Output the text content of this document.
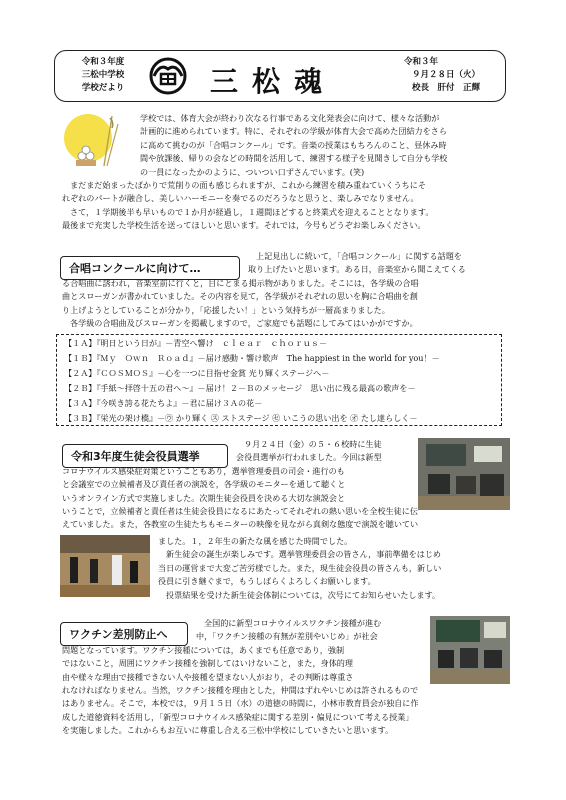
令和３年度
三松中学校
学校だより	三松魂
令和３年
９月２８日（火）
校長　肝付　正輝
学校では、体育大会が終わり次なる行事である文化発表会に向けて、様々な活動が
計画的に進められています。特に、それぞれの学級が体育大会で高めた団結力をさら
に高めて挑むのが「合唱コンクール」です。音楽の授業はもちろんのこと、昼休み時
間や放課後、帰りの会などの時間を活用して、練習する様子を見聞きして自分も学校
の一員になったかのように、ついつい口ずさんでいます。(笑)
まだまだ始まったばかりで荒削りの面も感じられますが、これから練習を積み重ねていくうちにそ
れぞれのパートが融合し、美しいハーモニーを奏でるのだろうなと思うと、楽しみでなりません。
さて，１学期後半も早いもので１か月が経過し，１週間ほどすると終業式を迎えることとなります。
最後まで充実した学校生活を送ってほしいと思います。それでは，今号もどうぞお楽しみください。
合唱コンクールに向けて…
上記見出しに続いて，「合唱コンクール」に関する話題を
取り上げたいと思います。ある日，音楽室から聞こえてくる
る合唱曲に誘われ，音楽室前に行くと，目にとまる掲示物がありました。そこには，各学級の合唱
曲とスローガンが書かれていました。その内容を見て，各学級がそれぞれの思いを胸に合唱曲を創
り上げようとしていることが分かり，「応援したい！」という気持ちが一層高まりました。
各学級の合唱曲及びスローガンを掲載しますので，ご家庭でも話題にしてみてはいかがですか。
【１Ａ】『明日という日が』－青空へ響け　ｃｌｅａｒ　ｃｈｏｒｕｓ－
【１Ｂ】『Ｍｙ　Ｏｗｎ　Ｒｏａｄ』－届け感動・響け歌声　The happiest in the world for you！－
【２Ａ】『ＣＯＳＭＯＳ』－心を一つに目指せ金賞 光り輝くステージへ－
【２Ｂ】『手紙～拝啓十五の君へ～』－届け！２－Ｂのメッセージ　思い出に残る最高の歌声を－
【３Ａ】『今咲き誇る花たちよ』－君に届け３Ａの花－
【３Ｂ】『栄光の架け橋』－㋒ かり輝く ㋜ ストステージ ㋝ いこうの思い出を ㋔ たし達らしく－
令和3年度生徒会役員選挙
９月２４日（金）の５・６校時に生徒
会役員選挙が行われました。今回は新型
コロナウイルス感染症対策ということもあり，選挙管理委員の司会・進行のも
と会議室での立候補者及び責任者の演説を，各学級のモニターを通して聴くと
いうオンライン方式で実施しました。次期生徒会役員を決める大切な演説会と
いうことで，立候補者と責任者は生徒会役員になるにあたってそれぞれの熱い思いを全校生徒に伝
えていました。また，各教室の生徒たちもモニターの映像を見ながら真剣な態度で演説を聴いてい
ました。１，２年生の新たな風を感じた時間でした。
新生徒会の誕生が楽しみです。選挙管理委員会の皆さん，事前準備をはじめ
当日の運営まで大変ご苦労様でした。また，現生徒会役員の皆さんも，新しい
役員に引き継ぐまで，もうしばらくよろしくお願いします。
投票結果を受けた新生徒会体制については，次号にてお知らせいたします。
ワクチン差別防止へ
全国的に新型コロナウイルスワクチン接種が進む
中，「ワクチン接種の有無が差別やいじめ」が社会
問題となっています。ワクチン接種については，あくまでも任意であり，強制
ではないこと，周囲にワクチン接種を強制してはいけないこと，また，身体的理
由や様々な理由で接種できない人や接種を望まない人がおり，その判断は尊重さ
れなければなりません。当然，ワクチン接種を理由とした，仲間はずれやいじめは許されるもので
はありません。そこで，本校では，９月１５日（水）の道徳の時間に，小林市教育員会が独自に作
成した道徳資料を活用し，「新型コロナウイルス感染症に関する差別・偏見について考える授業」
を実施しました。これからもお互いに尊重し合える三松中学校にしていきたいと思います。
